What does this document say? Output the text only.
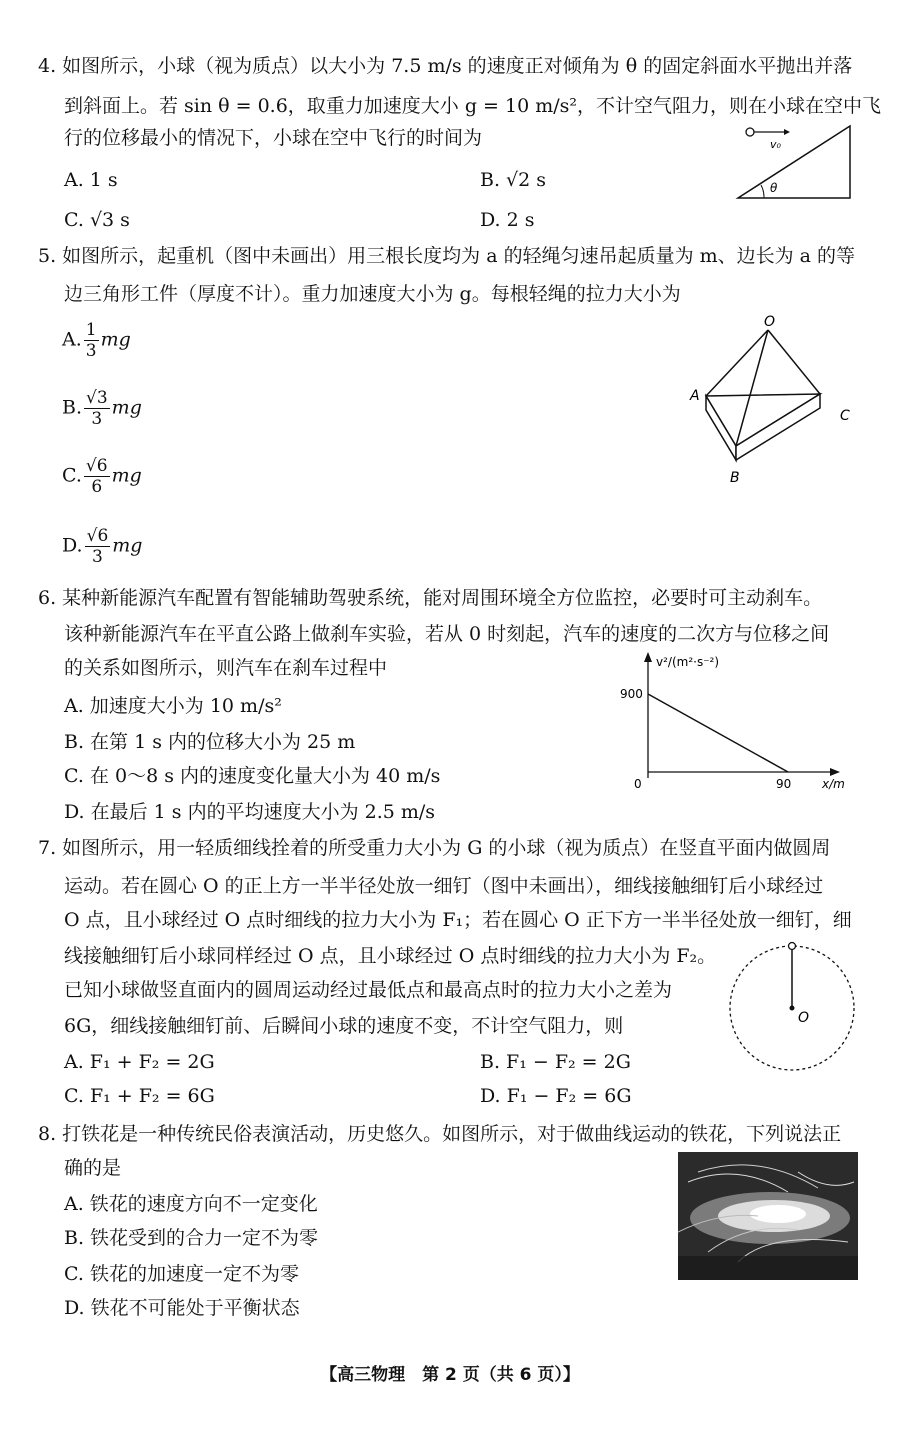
4. 如图所示，小球（视为质点）以大小为 7.5 m/s 的速度正对倾角为 θ 的固定斜面水平抛出并落
到斜面上。若 sin θ = 0.6，取重力加速度大小 g = 10 m/s²，不计空气阻力，则在小球在空中飞
行的位移最小的情况下，小球在空中飞行的时间为
A. 1 s	B. √2 s
C. √3 s	D. 2 s
v₀
θ
5. 如图所示，起重机（图中未画出）用三根长度均为 a 的轻绳匀速吊起质量为 m、边长为 a 的等
边三角形工件（厚度不计）。重力加速度大小为 g。每根轻绳的拉力大小为
A. $\frac{1}{3}$ mg
B. $\frac{√3}{3}$ mg
C. $\frac{√6}{6}$ mg
D. $\frac{√6}{3}$ mg
O
A
B
C
6. 某种新能源汽车配置有智能辅助驾驶系统，能对周围环境全方位监控，必要时可主动刹车。
该种新能源汽车在平直公路上做刹车实验，若从 0 时刻起，汽车的速度的二次方与位移之间
的关系如图所示，则汽车在刹车过程中
A. 加速度大小为 10 m/s²
B. 在第 1 s 内的位移大小为 25 m
C. 在 0～8 s 内的速度变化量大小为 40 m/s
D. 在最后 1 s 内的平均速度大小为 2.5 m/s
v²/(m²·s⁻²)
x/m
900
90
0
7. 如图所示，用一轻质细线拴着的所受重力大小为 G 的小球（视为质点）在竖直平面内做圆周
运动。若在圆心 O 的正上方一半半径处放一细钉（图中未画出），细线接触细钉后小球经过
O 点，且小球经过 O 点时细线的拉力大小为 F₁；若在圆心 O 正下方一半半径处放一细钉，细
线接触细钉后小球同样经过 O 点，且小球经过 O 点时细线的拉力大小为 F₂。
已知小球做竖直面内的圆周运动经过最低点和最高点时的拉力大小之差为
6G，细线接触细钉前、后瞬间小球的速度不变，不计空气阻力，则
A. F₁ + F₂ = 2G	B. F₁ − F₂ = 2G
C. F₁ + F₂ = 6G	D. F₁ − F₂ = 6G
O
8. 打铁花是一种传统民俗表演活动，历史悠久。如图所示，对于做曲线运动的铁花，下列说法正
确的是
A. 铁花的速度方向不一定变化
B. 铁花受到的合力一定不为零
C. 铁花的加速度一定不为零
D. 铁花不可能处于平衡状态
【高三物理　第 2 页（共 6 页）】
